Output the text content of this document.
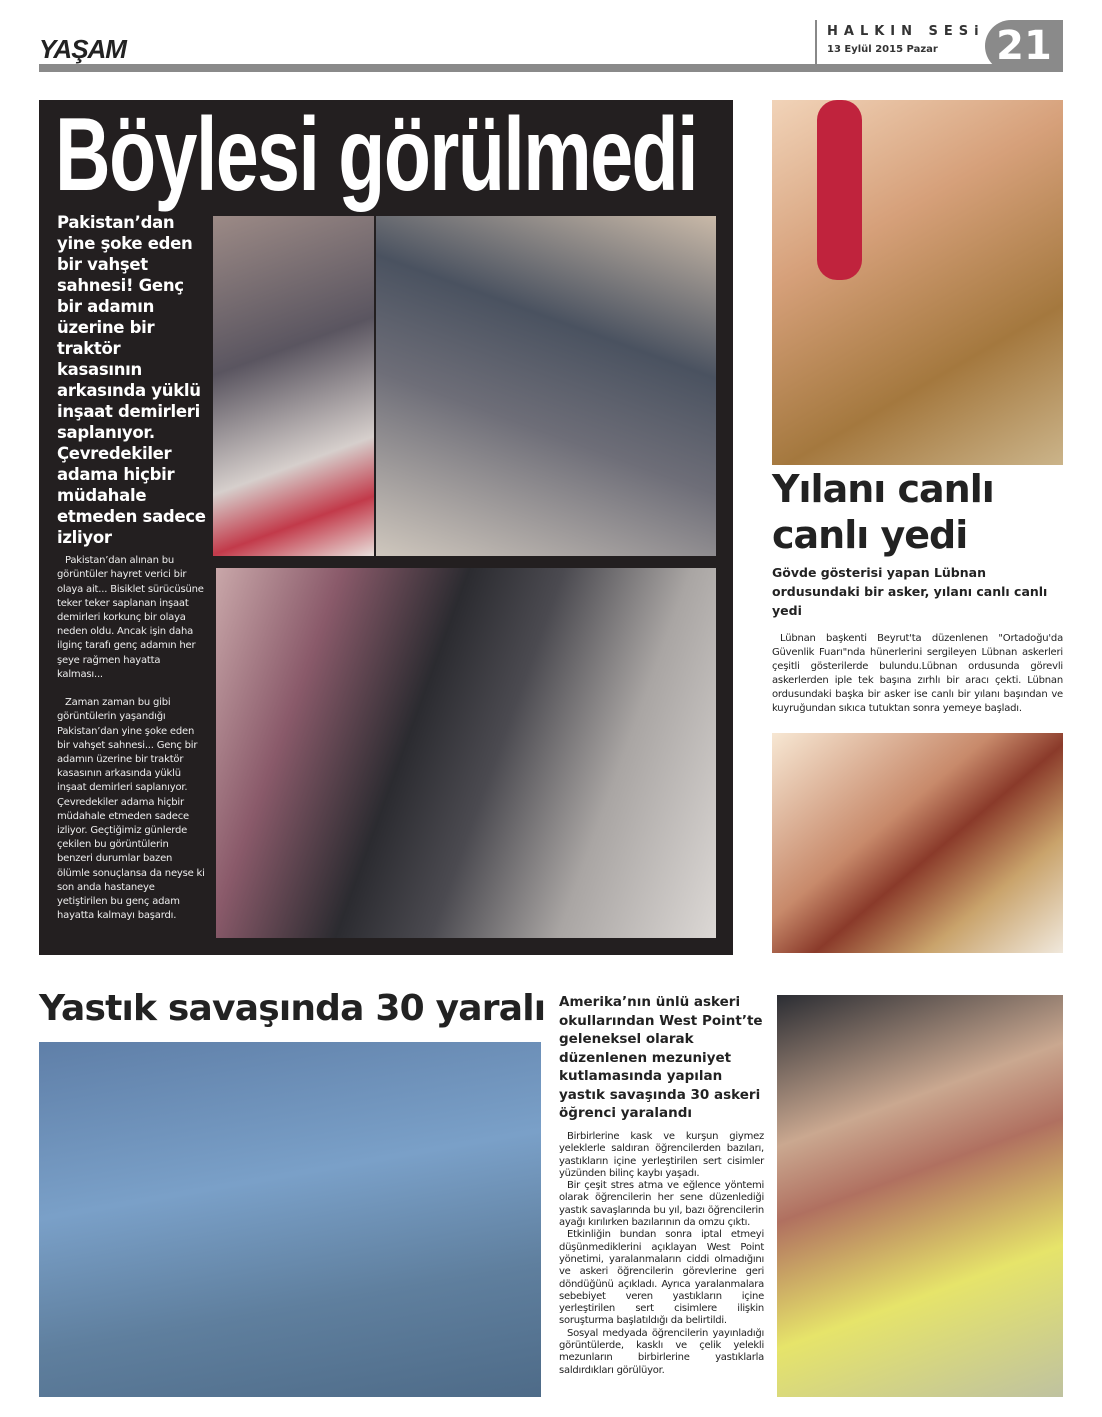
YAŞAM
HALKIN SESi
13 Eylül 2015 Pazar	21
Böylesi görülmedi
Pakistan’dan yine şoke eden bir vahşet sahnesi! Genç bir adamın üzerine bir traktör kasasının arkasında yüklü inşaat demirleri saplanıyor. Çevredekiler adama hiçbir müdahale etmeden sadece izliyor

Pakistan’dan alınan bu görüntüler hayret verici bir olaya ait... Bisiklet sürücüsüne teker teker saplanan inşaat demirleri korkunç bir olaya neden oldu. Ancak işin daha ilginç tarafı genç adamın her şeye rağmen hayatta kalması...

Zaman zaman bu gibi görüntülerin yaşandığı Pakistan’dan yine şoke eden bir vahşet sahnesi... Genç bir adamın üzerine bir traktör kasasının arkasında yüklü inşaat demirleri saplanıyor. Çevredekiler adama hiçbir müdahale etmeden sadece izliyor. Geçtiğimiz günlerde çekilen bu görüntülerin benzeri durumlar bazen ölümle sonuçlansa da neyse ki son anda hastaneye yetiştirilen bu genç adam hayatta kalmayı başardı.

Yılanı canlı canlı yedi
Gövde gösterisi yapan Lübnan ordusundaki bir asker, yılanı canlı canlı yedi
Lübnan başkenti Beyrut'ta düzenlenen "Ortadoğu'da Güvenlik Fuarı"nda hünerlerini sergileyen Lübnan askerleri çeşitli gösterilerde bulundu.Lübnan ordusunda görevli askerlerden iple tek başına zırhlı bir aracı çekti. Lübnan ordusundaki başka bir asker ise canlı bir yılanı başından ve kuyruğundan sıkıca tutuktan sonra yemeye başladı.
Yastık savaşında 30 yaralı Amerika’nın ünlü askeri okullarından West Point’te geleneksel olarak düzenlenen mezuniyet kutlamasında yapılan yastık savaşında 30 askeri öğrenci yaralandı

Birbirlerine kask ve kurşun giymez yeleklerle saldıran öğrencilerden bazıları, yastıkların içine yerleştirilen sert cisimler yüzünden bilinç kaybı yaşadı.

Bir çeşit stres atma ve eğlence yöntemi olarak öğrencilerin her sene düzenlediği yastık savaşlarında bu yıl, bazı öğrencilerin ayağı kırılırken bazılarının da omzu çıktı.

Etkinliğin bundan sonra iptal etmeyi düşünmediklerini açıklayan West Point yönetimi, yaralanmaların ciddi olmadığını ve askeri öğrencilerin görevlerine geri döndüğünü açıkladı. Ayrıca yaralanmalara sebebiyet veren yastıkların içine yerleştirilen sert cisimlere ilişkin soruşturma başlatıldığı da belirtildi.

Sosyal medyada öğrencilerin yayınladığı görüntülerde, kasklı ve çelik yelekli mezunların birbirlerine yastıklarla saldırdıkları görülüyor.
